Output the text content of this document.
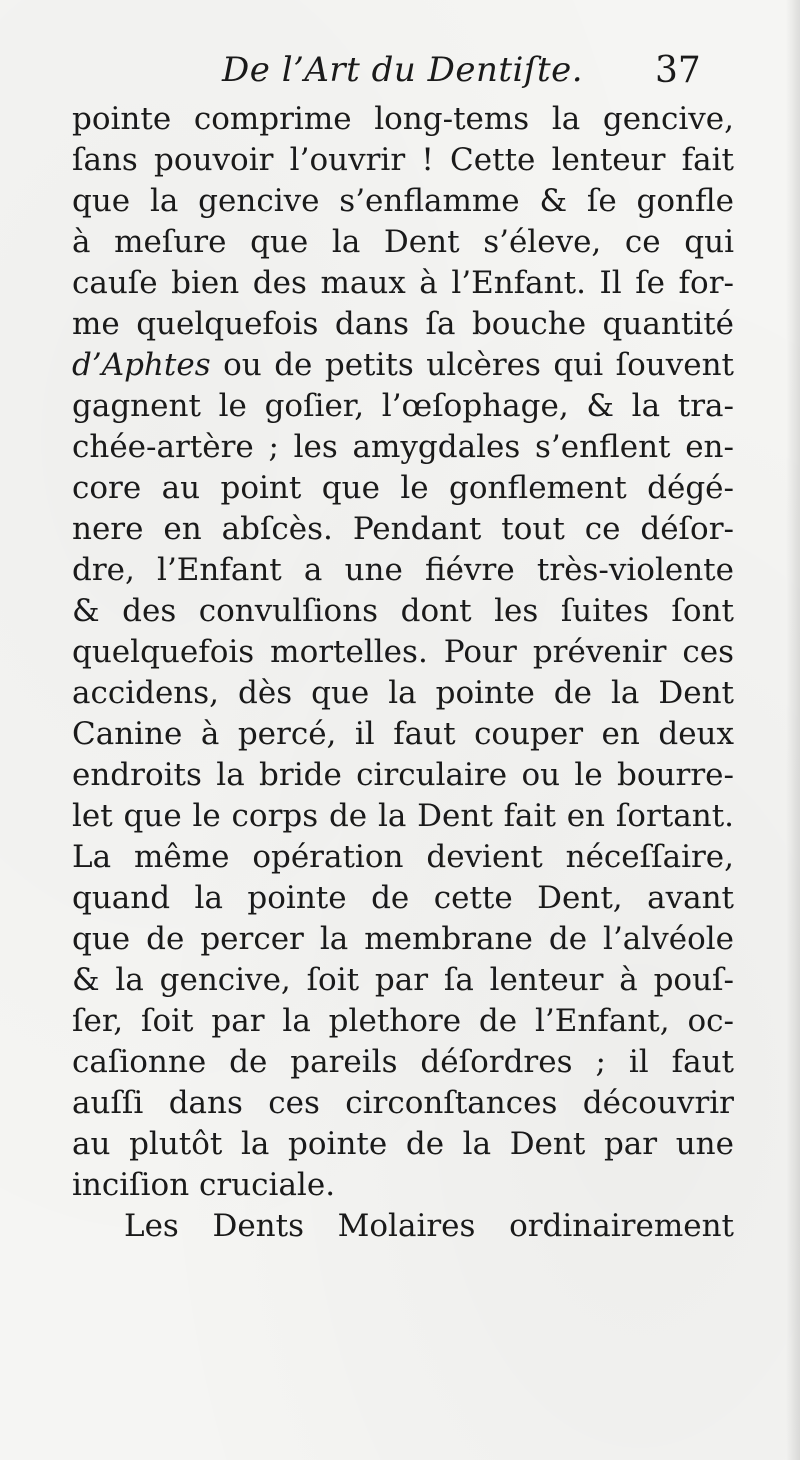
De l’Art du Dentiſte. 37
pointe comprime long-tems la gencive,
ſans pouvoir l’ouvrir ! Cette lenteur fait
que la gencive s’enflamme & ſe gonfle
à meſure que la Dent s’éleve, ce qui
cauſe bien des maux à l’Enfant. Il ſe for-
me quelquefois dans ſa bouche quantité
d’Aphtes ou de petits ulcères qui ſouvent
gagnent le goſier, l’œſophage, & la tra-
chée-artère ; les amygdales s’enflent en-
core au point que le gonflement dégé-
nere en abſcès. Pendant tout ce déſor-
dre, l’Enfant a une fiévre très-violente
& des convulſions dont les ſuites ſont
quelquefois mortelles. Pour prévenir ces
accidens, dès que la pointe de la Dent
Canine à percé, il faut couper en deux
endroits la bride circulaire ou le bourre-
let que le corps de la Dent fait en ſortant.
La même opération devient néceſſaire,
quand la pointe de cette Dent, avant
que de percer la membrane de l’alvéole
& la gencive, ſoit par ſa lenteur à pouſ-
ſer, ſoit par la plethore de l’Enfant, oc-
caſionne de pareils déſordres ; il faut
auſſi dans ces circonſtances découvrir
au plutôt la pointe de la Dent par une
inciſion cruciale.
Les Dents Molaires ordinairement
